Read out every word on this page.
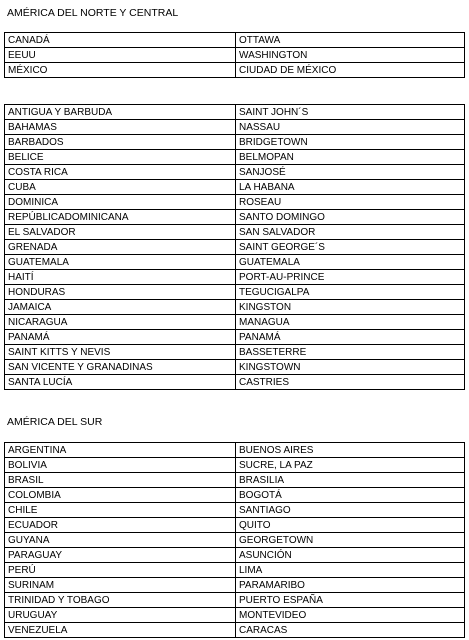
AMÉRICA DEL NORTE Y CENTRAL
CANADÁ	OTTAWA
EEUU	WASHINGTON
MÉXICO	CIUDAD DE MÉXICO
ANTIGUA Y BARBUDA	SAINT JOHN´S
BAHAMAS	NASSAU
BARBADOS	BRIDGETOWN
BELICE	BELMOPAN
COSTA RICA	SANJOSÉ
CUBA	LA HABANA
DOMINICA	ROSEAU
REPÚBLICADOMINICANA	SANTO DOMINGO
EL SALVADOR	SAN SALVADOR
GRENADA	SAINT GEORGE´S
GUATEMALA	GUATEMALA
HAITÍ	PORT-AU-PRINCE
HONDURAS	TEGUCIGALPA
JAMAICA	KINGSTON
NICARAGUA	MANAGUA
PANAMÁ	PANAMÁ
SAINT KITTS Y NEVIS	BASSETERRE
SAN VICENTE Y GRANADINAS	KINGSTOWN
SANTA LUCÍA	CASTRIES
AMÉRICA DEL SUR
ARGENTINA	BUENOS AIRES
BOLIVIA	SUCRE, LA PAZ
BRASIL	BRASILIA
COLOMBIA	BOGOTÁ
CHILE	SANTIAGO
ECUADOR	QUITO
GUYANA	GEORGETOWN
PARAGUAY	ASUNCIÓN
PERÚ	LIMA
SURINAM	PARAMARIBO
TRINIDAD Y TOBAGO	PUERTO ESPAÑA
URUGUAY	MONTEVIDEO
VENEZUELA	CARACAS
